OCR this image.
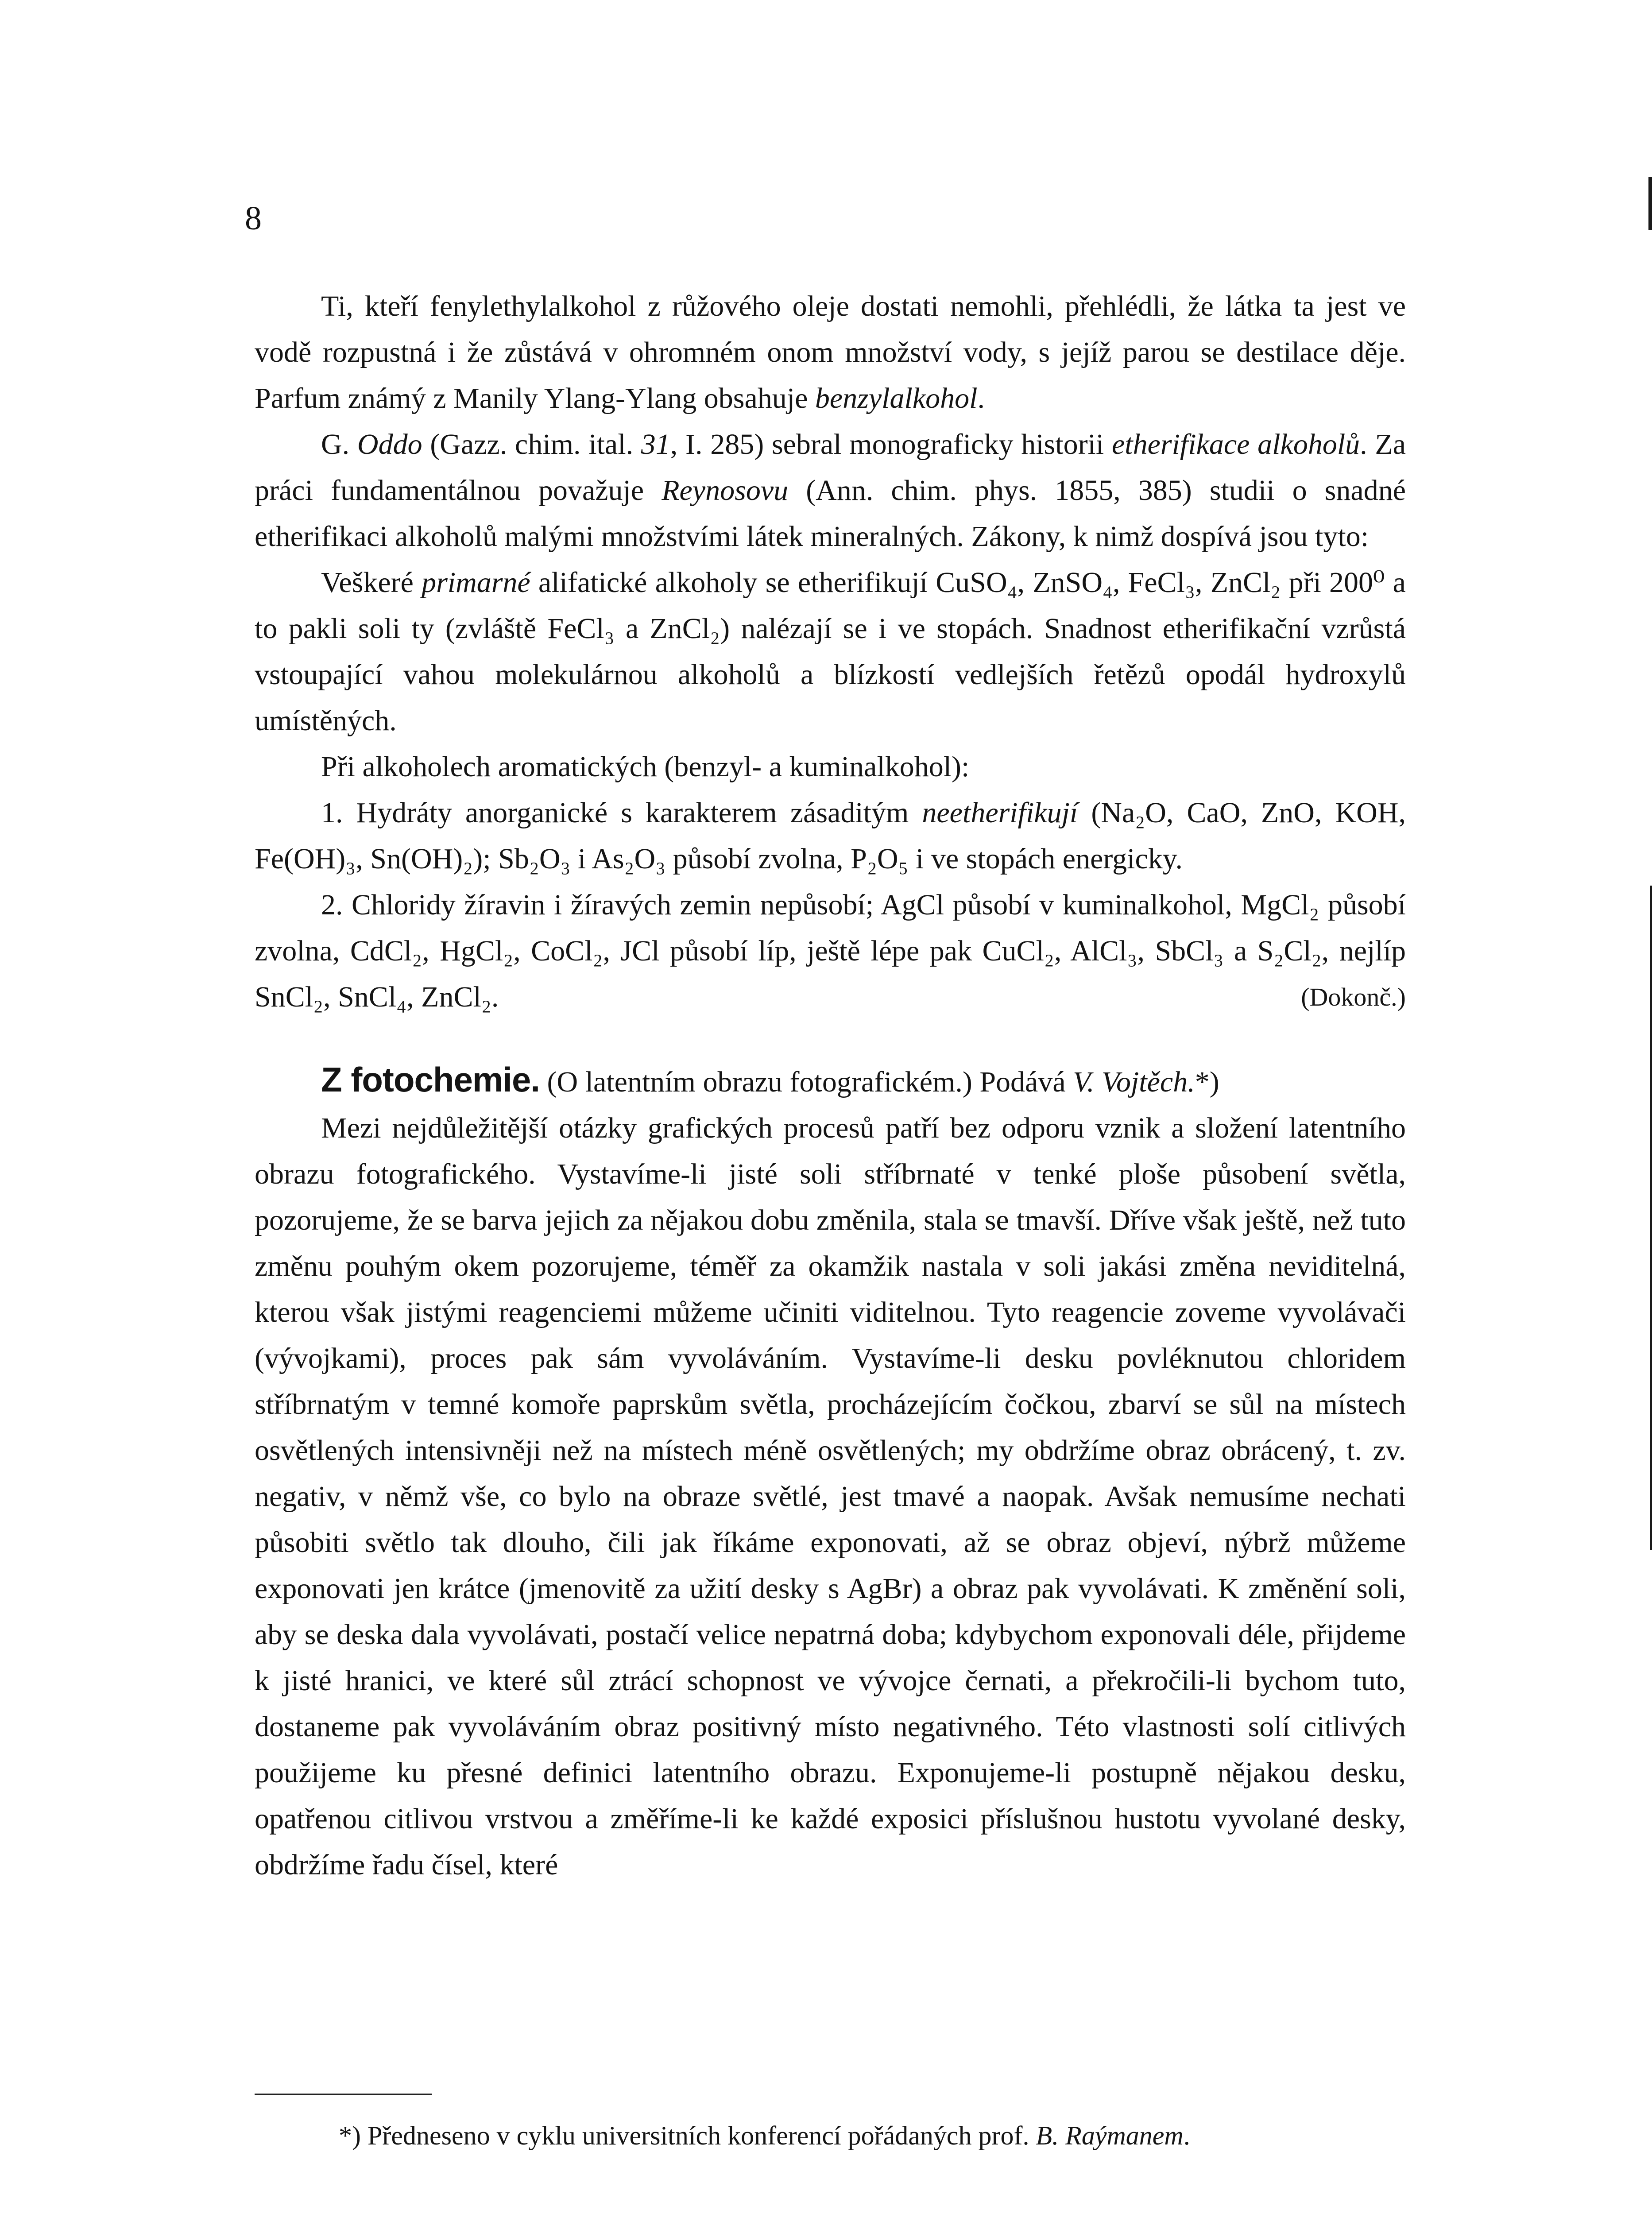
8

Ti, kteří fenylethylalkohol z růžového oleje dostati nemohli, přehlédli, že látka ta jest ve vodě rozpustná i že zůstává v ohromném onom množství vody, s jejíž parou se destilace děje. Parfum známý z Manily Ylang-Ylang obsahuje benzylalkohol.

G. Oddo (Gazz. chim. ital. 31, I. 285) sebral monograficky historii etherifikace alkoholů. Za práci fundamentálnou považuje Reynosovu (Ann. chim. phys. 1855, 385) studii o snadné etherifikaci alkoholů malými množstvími látek mineralných. Zákony, k nimž dospívá jsou tyto:

Veškeré primarné alifatické alkoholy se etherifikují CuSO₄, ZnSO₄, FeCl₃, ZnCl₂ při 200⁰ a to pakli soli ty (zvláště FeCl₃ a ZnCl₂) nalézají se i ve stopách. Snadnost etherifikační vzrůstá vstoupající vahou molekulárnou alkoholů a blízkostí vedlejších řetězů opodál hydroxylů umístěných.

Při alkoholech aromatických (benzyl- a kuminalkohol):

1. Hydráty anorganické s karakterem zásaditým neetherifikují (Na₂O, CaO, ZnO, KOH, Fe(OH)₃, Sn(OH)₂); Sb₂O₃ i As₂O₃ působí zvolna, P₂O₅ i ve stopách energicky.

2. Chloridy žíravin i žíravých zemin nepůsobí; AgCl působí v kuminalkohol, MgCl₂ působí zvolna, CdCl₂, HgCl₂, CoCl₂, JCl působí líp, ještě lépe pak CuCl₂, AlCl₃, SbCl₃ a S₂Cl₂, nejlíp SnCl₂, SnCl₄, ZnCl₂.	(Dokonč.)

Z fotochemie. (O latentním obrazu fotografickém.) Podává V. Vojtěch.*)

Mezi nejdůležitější otázky grafických procesů patří bez odporu vznik a složení latentního obrazu fotografického. Vystavíme-li jisté soli stříbrnaté v tenké ploše působení světla, pozorujeme, že se barva jejich za nějakou dobu změnila, stala se tmavší. Dříve však ještě, než tuto změnu pouhým okem pozorujeme, téměř za okamžik nastala v soli jakási změna neviditelná, kterou však jistými reagenciemi můžeme učiniti viditelnou. Tyto reagencie zoveme vyvolávači (vývojkami), proces pak sám vyvoláváním. Vystavíme-li desku povléknutou chloridem stříbrnatým v temné komoře paprskům světla, procházejícím čočkou, zbarví se sůl na místech osvětlených intensivněji než na místech méně osvětlených; my obdržíme obraz obrácený, t. zv. negativ, v němž vše, co bylo na obraze světlé, jest tmavé a naopak. Avšak nemusíme nechati působiti světlo tak dlouho, čili jak říkáme exponovati, až se obraz objeví, nýbrž můžeme exponovati jen krátce (jmenovitě za užití desky s AgBr) a obraz pak vyvolávati. K změnění soli, aby se deska dala vyvolávati, postačí velice nepatrná doba; kdybychom exponovali déle, přijdeme k jisté hranici, ve které sůl ztrácí schopnost ve vývojce černati, a překročili-li bychom tuto, dostaneme pak vyvoláváním obraz positivný místo negativného. Této vlastnosti solí citlivých použijeme ku přesné definici latentního obrazu. Exponujeme-li postupně nějakou desku, opatřenou citlivou vrstvou a změříme-li ke každé exposici příslušnou hustotu vyvolané desky, obdržíme řadu čísel, které

*) Předneseno v cyklu universitních konferencí pořádaných prof. B. Raýmanem.
